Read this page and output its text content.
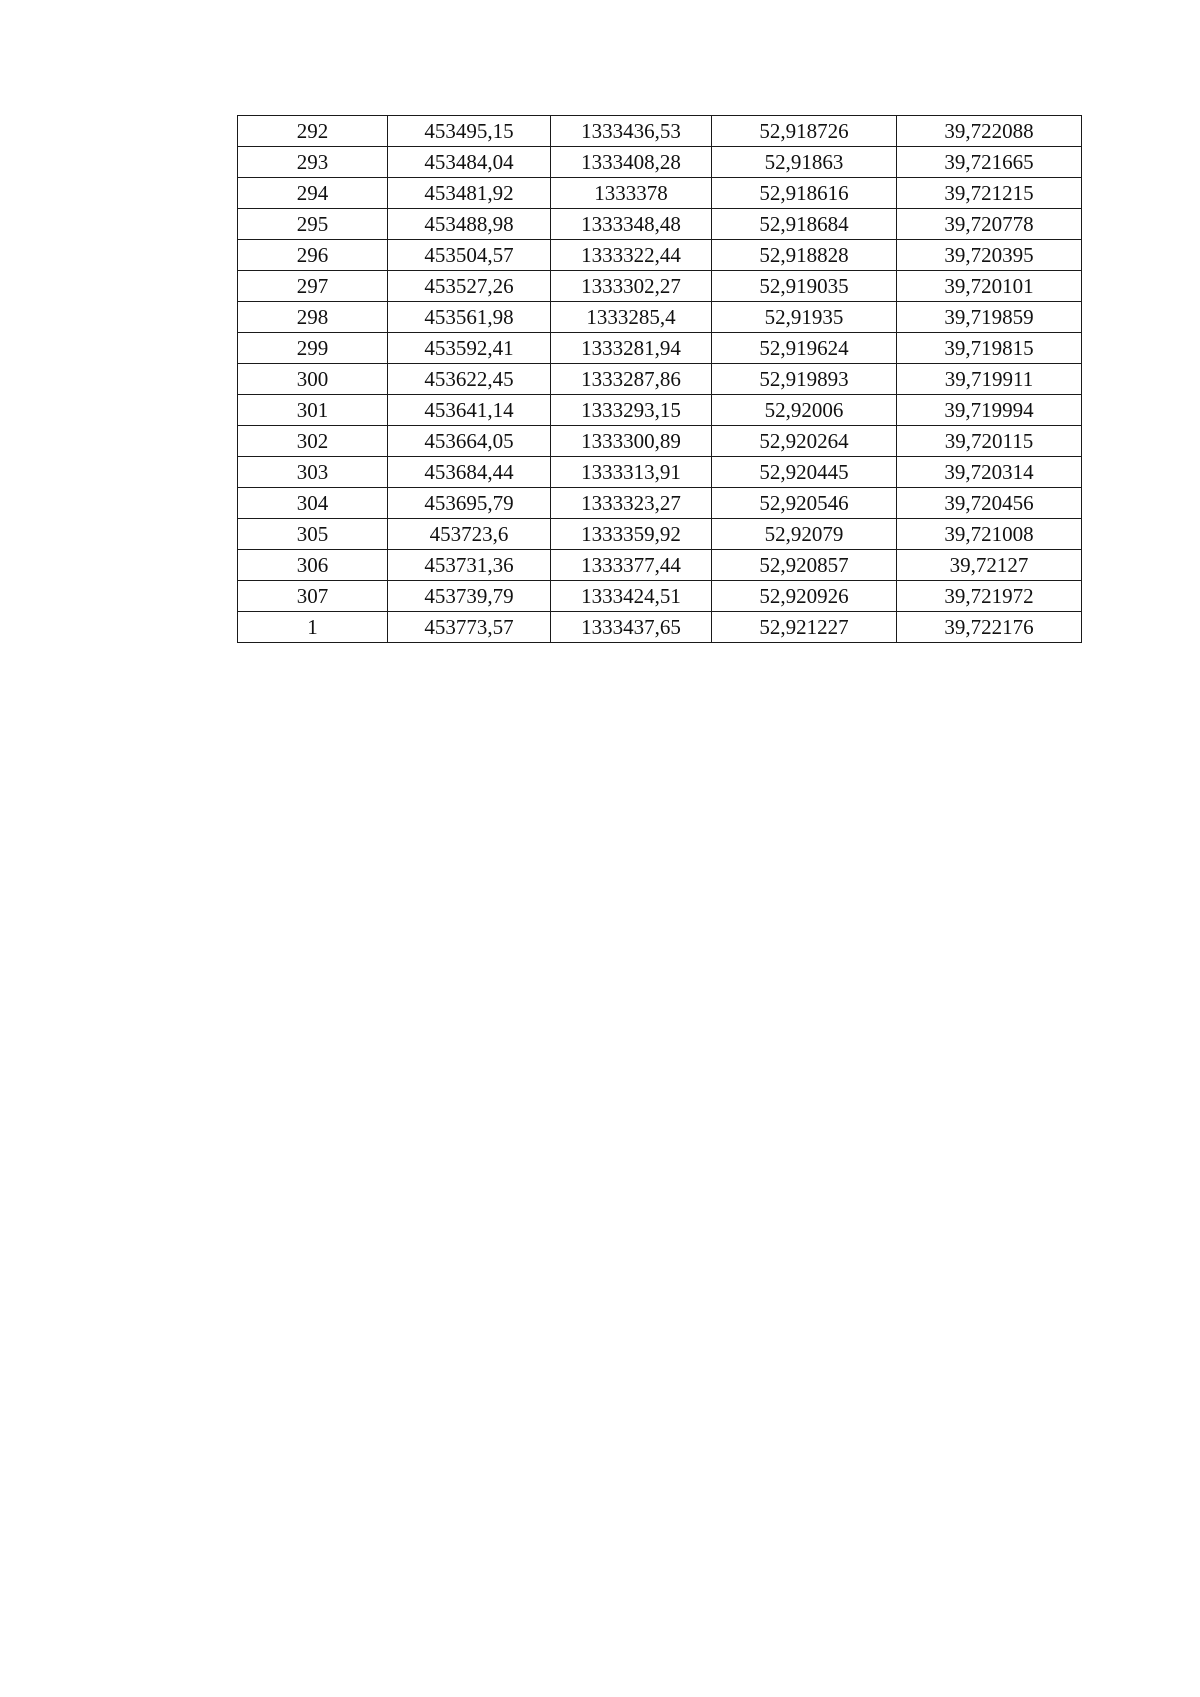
292	453495,15	1333436,53	52,918726	39,722088
293	453484,04	1333408,28	52,91863	39,721665
294	453481,92	1333378	52,918616	39,721215
295	453488,98	1333348,48	52,918684	39,720778
296	453504,57	1333322,44	52,918828	39,720395
297	453527,26	1333302,27	52,919035	39,720101
298	453561,98	1333285,4	52,91935	39,719859
299	453592,41	1333281,94	52,919624	39,719815
300	453622,45	1333287,86	52,919893	39,719911
301	453641,14	1333293,15	52,92006	39,719994
302	453664,05	1333300,89	52,920264	39,720115
303	453684,44	1333313,91	52,920445	39,720314
304	453695,79	1333323,27	52,920546	39,720456
305	453723,6	1333359,92	52,92079	39,721008
306	453731,36	1333377,44	52,920857	39,72127
307	453739,79	1333424,51	52,920926	39,721972
1	453773,57	1333437,65	52,921227	39,722176
